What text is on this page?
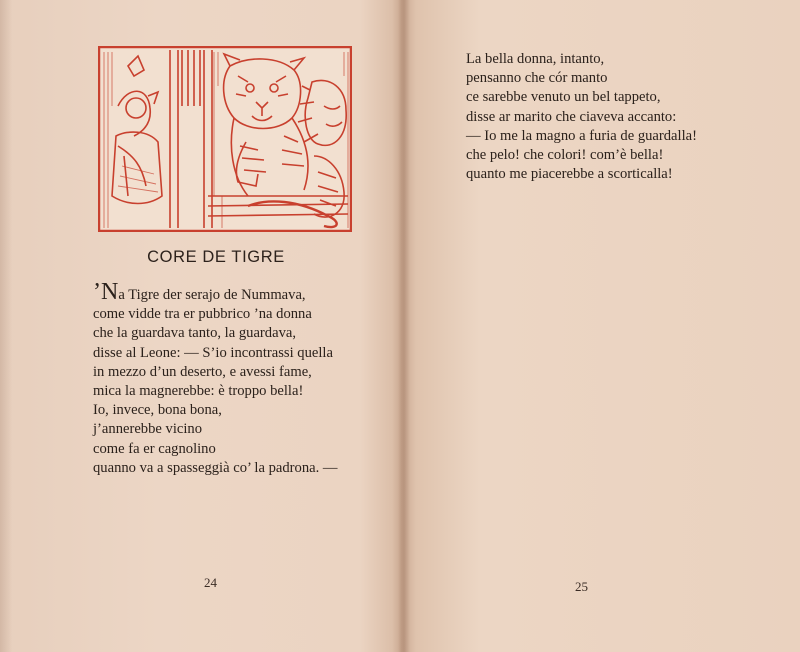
CORE DE TIGRE
’Na Tigre der serajo de Nummava,
come vidde tra er pubbrico ’na donna
che la guardava tanto, la guardava,
disse al Leone: — S’io incontrassi quella
in mezzo d’un deserto, e avessi fame,
mica la magnerebbe: è troppo bella!
Io, invece, bona bona,
j’annerebbe vicino
come fa er cagnolino
quanno va a spasseggià co’ la padrona. —
24
La bella donna, intanto,
pensanno che cór manto
ce sarebbe venuto un bel tappeto,
disse ar marito che ciaveva accanto:
— Io me la magno a furia de guardalla!
che pelo! che colori! com’è bella!
quanto me piacerebbe a scorticalla!
25
